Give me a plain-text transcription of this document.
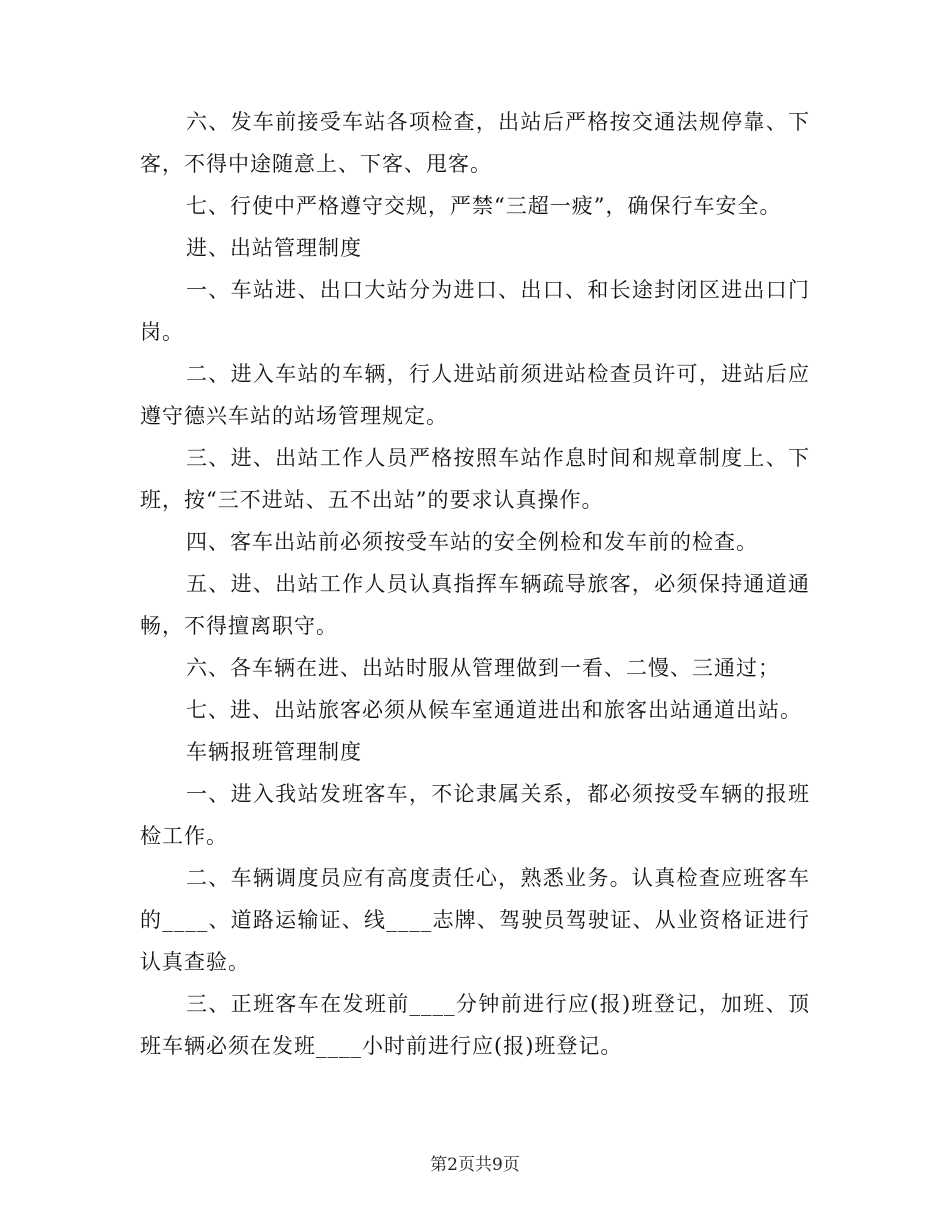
六、发车前接受车站各项检查，出站后严格按交通法规停靠、下客，不得中途随意上、下客、甩客。

七、行使中严格遵守交规，严禁“三超一疲”，确保行车安全。

进、出站管理制度

一、车站进、出口大站分为进口、出口、和长途封闭区进出口门岗。

二、进入车站的车辆，行人进站前须进站检查员许可，进站后应遵守德兴车站的站场管理规定。

三、进、出站工作人员严格按照车站作息时间和规章制度上、下班，按“三不进站、五不出站”的要求认真操作。

四、客车出站前必须按受车站的安全例检和发车前的检查。

五、进、出站工作人员认真指挥车辆疏导旅客，必须保持通道通畅，不得擅离职守。

六、各车辆在进、出站时服从管理做到一看、二慢、三通过；

七、进、出站旅客必须从候车室通道进出和旅客出站通道出站。

车辆报班管理制度

一、进入我站发班客车，不论隶属关系，都必须按受车辆的报班检工作。

二、车辆调度员应有高度责任心，熟悉业务。认真检查应班客车的____、道路运输证、线____志牌、驾驶员驾驶证、从业资格证进行认真查验。

三、正班客车在发班前____分钟前进行应(报)班登记，加班、顶班车辆必须在发班____小时前进行应(报)班登记。

第2页共9页
